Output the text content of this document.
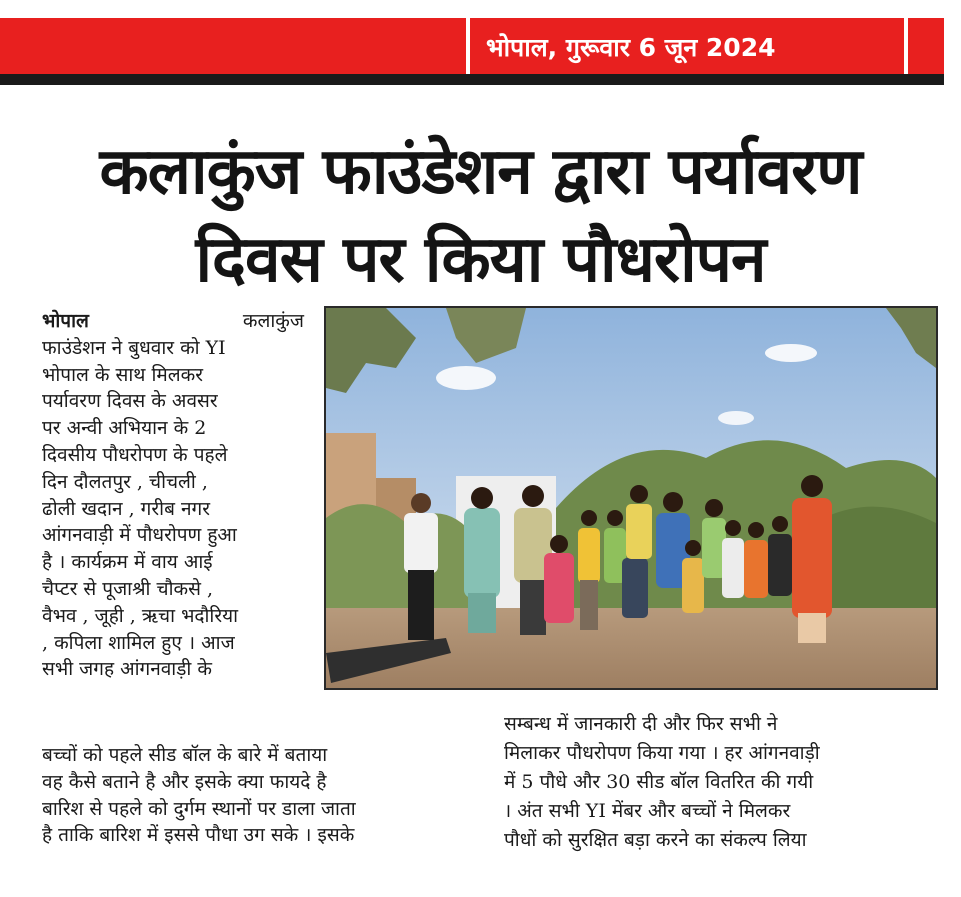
भोपाल, गुरूवार 6 जून 2024
कलाकुंज फाउंडेशन द्वारा पर्यावरण
दिवस पर किया पौधरोपन
भोपाल	कलाकुंज
फाउंडेशन ने बुधवार को YI
भोपाल के साथ मिलकर
पर्यावरण दिवस के अवसर
पर अन्वी अभियान के 2
दिवसीय पौधरोपण के पहले
दिन दौलतपुर , चीचली ,
ढोली खदान , गरीब नगर
आंगनवाड़ी में पौधरोपण हुआ
है । कार्यक्रम में वाय आई
चैप्टर से पूजाश्री चौकसे ,
वैभव , जूही , ऋचा भदौरिया
, कपिला शामिल हुए । आज
सभी जगह आंगनवाड़ी के
बच्चों को पहले सीड बॉल के बारे में बताया
वह कैसे बताने है और इसके क्या फायदे है
बारिश से पहले को दुर्गम स्थानों पर डाला जाता
है ताकि बारिश में इससे पौधा उग सके । इसके
सम्बन्ध में जानकारी दी और फिर सभी ने
मिलाकर पौधरोपण किया गया । हर आंगनवाड़ी
में 5 पौधे और 30 सीड बॉल वितरित की गयी
। अंत सभी YI मेंबर और बच्चों ने मिलकर
पौधों को सुरक्षित बड़ा करने का संकल्प लिया
